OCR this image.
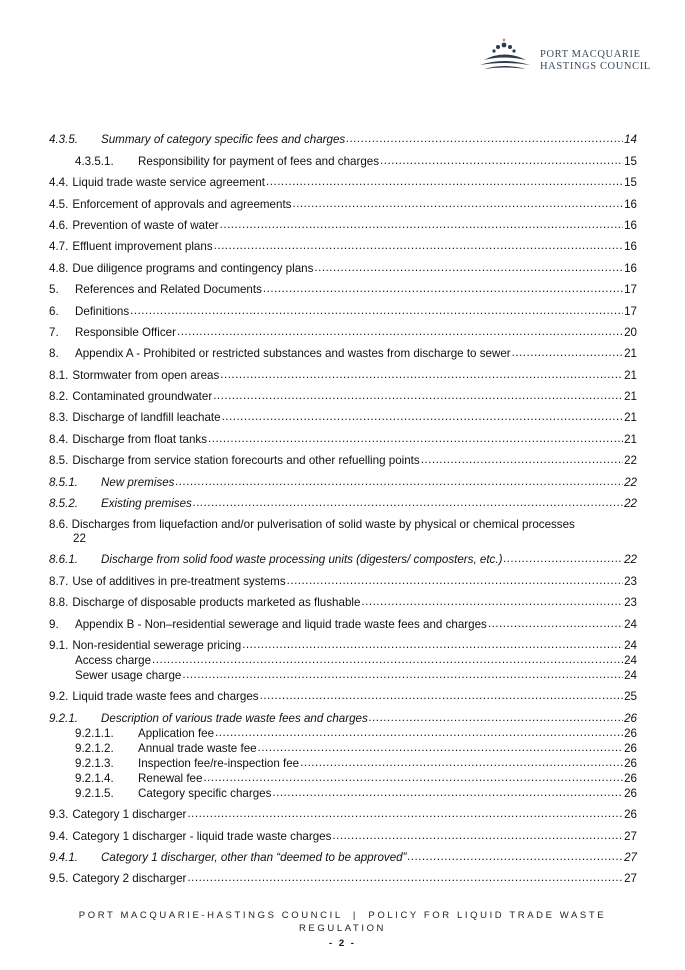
PORT MACQUARIE
HASTINGS COUNCIL
4.3.5.	Summary of category specific fees and charges .....	14
4.3.5.1.	Responsibility for payment of fees and charges .....	15
4.4. Liquid trade waste service agreement .....	15
4.5. Enforcement of approvals and agreements .....	16
4.6. Prevention of waste of water .....	16
4.7. Effluent improvement plans .....	16
4.8. Due diligence programs and contingency plans .....	16
5.	References and Related Documents .....	17
6.	Definitions .....	17
7.	Responsible Officer .....	20
8.	Appendix A - Prohibited or restricted substances and wastes from discharge to sewer .....	21
8.1. Stormwater from open areas .....	21
8.2. Contaminated groundwater .....	21
8.3. Discharge of landfill leachate .....	21
8.4. Discharge from float tanks .....	21
8.5. Discharge from service station forecourts and other refuelling points .....	22
8.5.1.	New premises .....	22
8.5.2.	Existing premises .....	22
8.6. Discharges from liquefaction and/or pulverisation of solid waste by physical or chemical processes
22
8.6.1.	Discharge from solid food waste processing units (digesters/ composters, etc.) .....	22
8.7. Use of additives in pre-treatment systems .....	23
8.8. Discharge of disposable products marketed as flushable .....	23
9.	Appendix B - Non–residential sewerage and liquid trade waste fees and charges .....	24
9.1. Non-residential sewerage pricing .....	24
Access charge .....	24
Sewer usage charge .....	24
9.2. Liquid trade waste fees and charges .....	25
9.2.1.	Description of various trade waste fees and charges .....	26
9.2.1.1.	Application fee .....	26
9.2.1.2.	Annual trade waste fee .....	26
9.2.1.3.	Inspection fee/re-inspection fee .....	26
9.2.1.4.	Renewal fee .....	26
9.2.1.5.	Category specific charges .....	26
9.3. Category 1 discharger .....	26
9.4. Category 1 discharger - liquid trade waste charges .....	27
9.4.1.	Category 1 discharger, other than “deemed to be approved” .....	27
9.5. Category 2 discharger .....	27
PORT MACQUARIE-HASTINGS COUNCIL  |  POLICY FOR LIQUID TRADE WASTE
REGULATION
- 2 -
